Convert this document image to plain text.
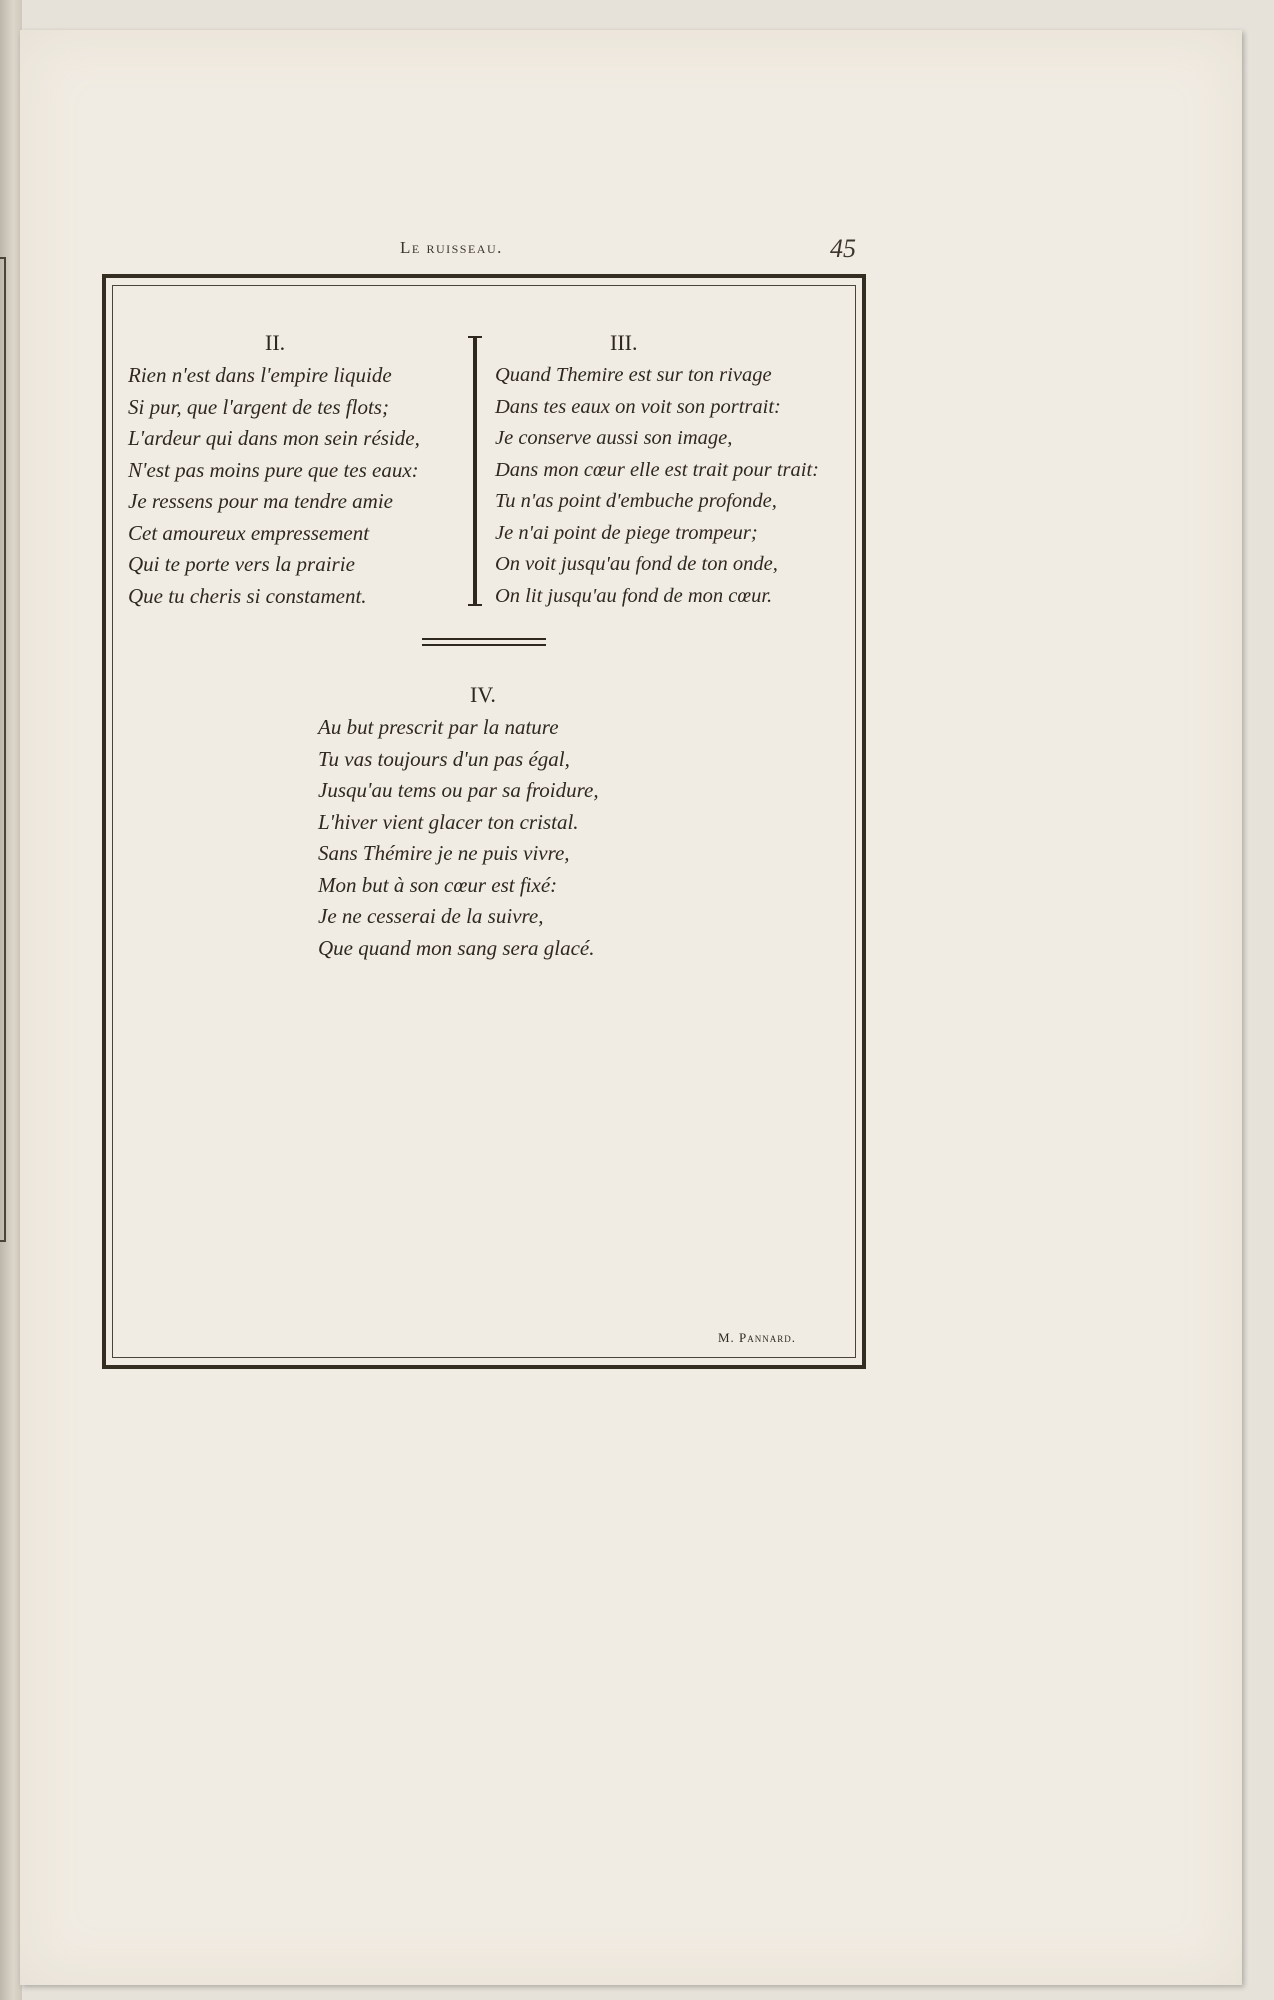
Le ruisseau.	45
II.
Rien n'est dans l'empire liquide
Si pur, que l'argent de tes flots;
L'ardeur qui dans mon sein réside,
N'est pas moins pure que tes eaux:
Je ressens pour ma tendre amie
Cet amoureux empressement
Qui te porte vers la prairie
Que tu cheris si constament.
III.
Quand Themire est sur ton rivage
Dans tes eaux on voit son portrait:
Je conserve aussi son image,
Dans mon cœur elle est trait pour trait:
Tu n'as point d'embuche profonde,
Je n'ai point de piege trompeur;
On voit jusqu'au fond de ton onde,
On lit jusqu'au fond de mon cœur.
IV.
Au but prescrit par la nature
Tu vas toujours d'un pas égal,
Jusqu'au tems ou par sa froidure,
L'hiver vient glacer ton cristal.
Sans Thémire je ne puis vivre,
Mon but à son cœur est fixé:
Je ne cesserai de la suivre,
Que quand mon sang sera glacé.
M. Pannard.
